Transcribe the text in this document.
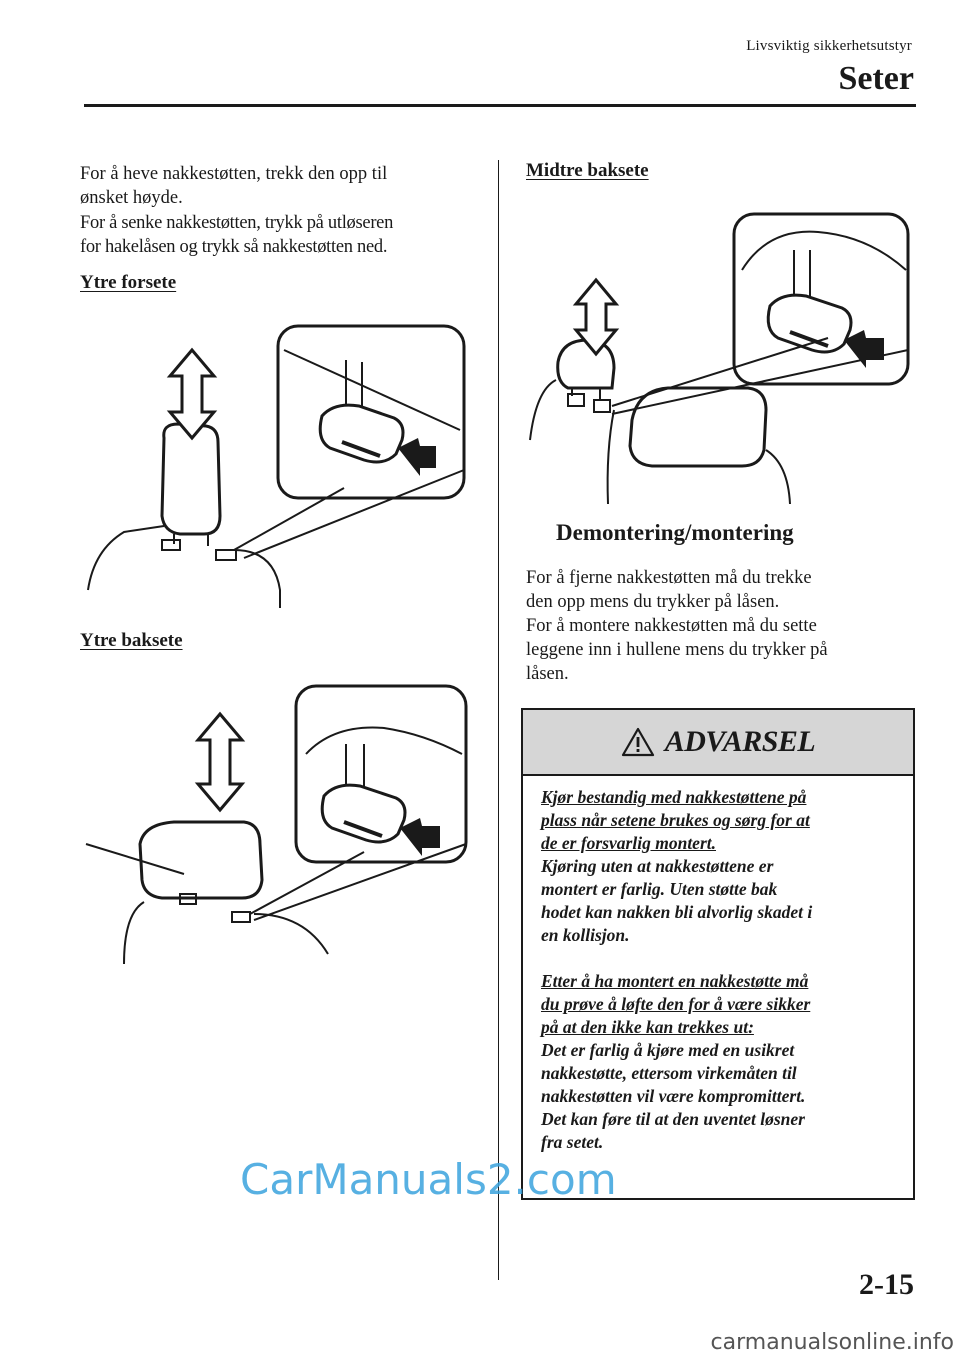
Livsviktig sikkerhetsutstyr
Seter

For å heve nakkestøtten, trekk den opp til
ønsket høyde.

For å senke nakkestøtten, trykk på utløseren
for hakelåsen og trykk så nakkestøtten ned.

Ytre forsete
Ytre baksete
Midtre baksete
Demontering/montering

For å fjerne nakkestøtten må du trekke
den opp mens du trykker på låsen.
For å montere nakkestøtten må du sette
leggene inn i hullene mens du trykker på
låsen.

ADVARSEL

Kjør bestandig med nakkestøttene på
plass når setene brukes og sørg for at
de er forsvarlig montert.

Kjøring uten at nakkestøttene er
montert er farlig. Uten støtte bak
hodet kan nakken bli alvorlig skadet i
en kollisjon.

Etter å ha montert en nakkestøtte må
du prøve å løfte den for å være sikker
på at den ikke kan trekkes ut:

Det er farlig å kjøre med en usikret
nakkestøtte, ettersom virkemåten til
nakkestøtten vil være kompromittert.
Det kan føre til at den uventet løsner
fra setet.

CarManuals2.com
2-15
carmanualsonline.info
